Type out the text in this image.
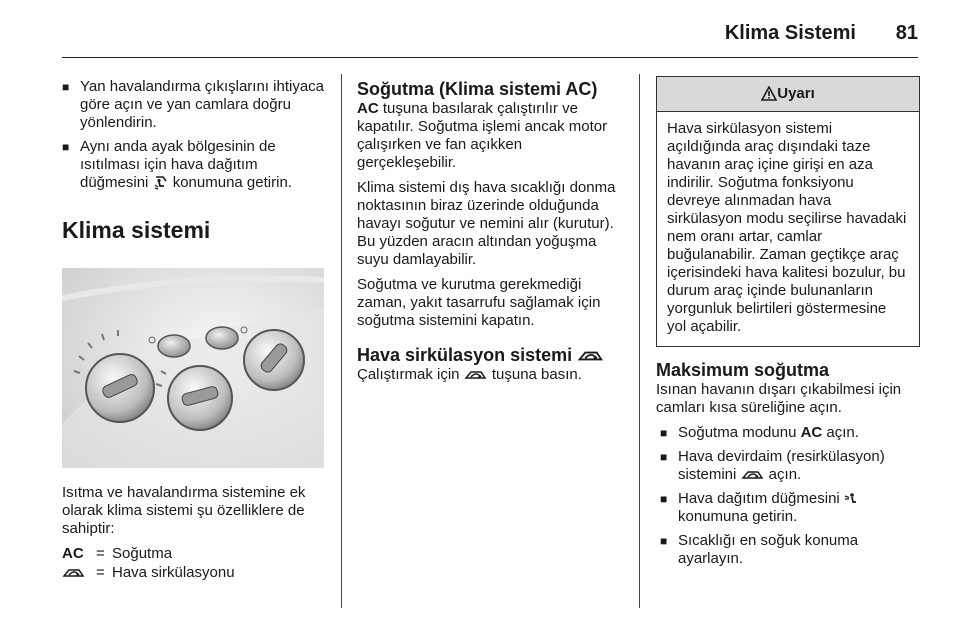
Klima Sistemi 81
■ Yan havalandırma çıkışlarını ihtiyaca göre açın ve yan camlara doğru yönlendirin.
■ Aynı anda ayak bölgesinin de ısıtılması için hava dağıtım düğmesini  konumuna getirin.
Klima sistemi

Isıtma ve havalandırma sistemine ek olarak klima sistemi şu özelliklere de sahiptir:

AC = Soğutma
= Hava sirkülasyonu
Soğutma (Klima sistemi AC)

AC tuşuna basılarak çalıştırılır ve kapatılır. Soğutma işlemi ancak motor çalışırken ve fan açıkken gerçekleşebilir.

Klima sistemi dış hava sıcaklığı donma noktasının biraz üzerinde olduğunda havayı soğutur ve nemini alır (kurutur). Bu yüzden aracın altından yoğuşma suyu damlayabilir.

Soğutma ve kurutma gerekmediği zaman, yakıt tasarrufu sağlamak için soğutma sistemini kapatın.

Hava sirkülasyon sistemi

Çalıştırmak için  tuşuna basın.

Uyarı
Hava sirkülasyon sistemi açıldığında araç dışındaki taze havanın araç içine girişi en aza indirilir. Soğutma fonksiyonu devreye alınmadan hava sirkülasyon modu seçilirse havadaki nem oranı artar, camlar buğulanabilir. Zaman geçtikçe araç içerisindeki hava kalitesi bozulur, bu durum araç içinde bulunanların yorgunluk belirtileri göstermesine yol açabilir.
Maksimum soğutma

Isınan havanın dışarı çıkabilmesi için camları kısa süreliğine açın.

■ Soğutma modunu AC açın.
■ Hava devirdaim (resirkülasyon) sistemini  açın.
■ Hava dağıtım düğmesini  konumuna getirin.
■ Sıcaklığı en soğuk konuma ayarlayın.
